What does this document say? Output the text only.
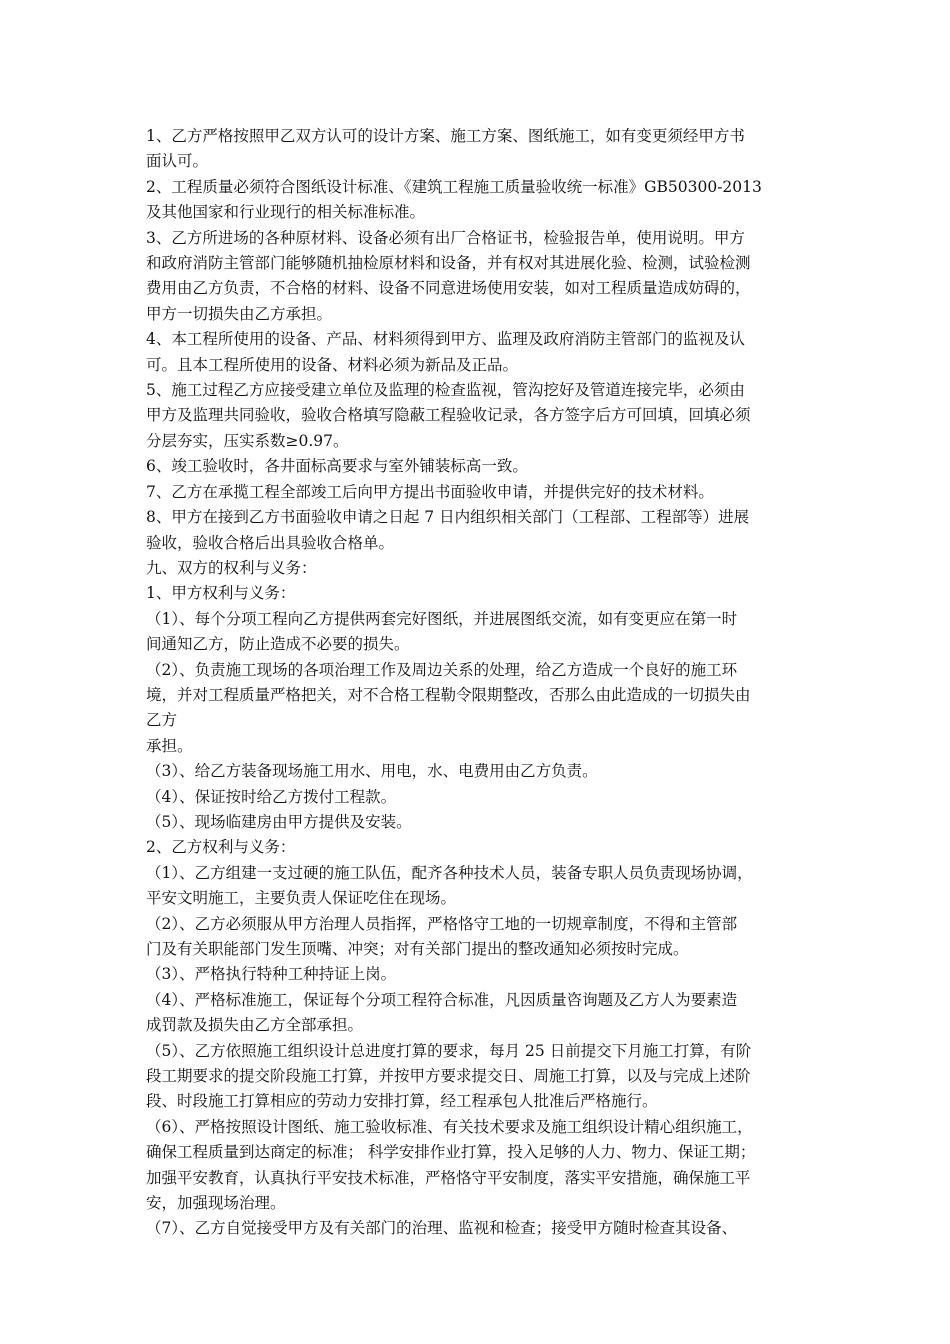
1、乙方严格按照甲乙双方认可的设计方案、施工方案、图纸施工，如有变更须经甲方书

面认可。

2、工程质量必须符合图纸设计标准、《建筑工程施工质量验收统一标准》GB50300-2013

及其他国家和行业现行的相关标准标准。

3、乙方所进场的各种原材料、设备必须有出厂合格证书，检验报告单，使用说明。甲方

和政府消防主管部门能够随机抽检原材料和设备，并有权对其进展化验、检测，试验检测

费用由乙方负责，不合格的材料、设备不同意进场使用安装，如对工程质量造成妨碍的，

甲方一切损失由乙方承担。

4、本工程所使用的设备、产品、材料须得到甲方、监理及政府消防主管部门的监视及认

可。且本工程所使用的设备、材料必须为新品及正品。

5、施工过程乙方应接受建立单位及监理的检查监视，管沟挖好及管道连接完毕，必须由

甲方及监理共同验收，验收合格填写隐蔽工程验收记录，各方签字后方可回填，回填必须

分层夯实，压实系数≥0.97。

6、竣工验收时，各井面标高要求与室外铺装标高一致。

7、乙方在承揽工程全部竣工后向甲方提出书面验收申请，并提供完好的技术材料。

8、甲方在接到乙方书面验收申请之日起 7 日内组织相关部门（工程部、工程部等）进展

验收，验收合格后出具验收合格单。

九、双方的权利与义务：

1、甲方权利与义务：

（1）、每个分项工程向乙方提供两套完好图纸，并进展图纸交流，如有变更应在第一时

间通知乙方，防止造成不必要的损失。

（2）、负责施工现场的各项治理工作及周边关系的处理，给乙方造成一个良好的施工环

境，并对工程质量严格把关，对不合格工程勒令限期整改，否那么由此造成的一切损失由

乙方

承担。

（3）、给乙方装备现场施工用水、用电，水、电费用由乙方负责。

（4）、保证按时给乙方拨付工程款。

（5）、现场临建房由甲方提供及安装。

2、乙方权利与义务：

（1）、乙方组建一支过硬的施工队伍，配齐各种技术人员，装备专职人员负责现场协调，

平安文明施工，主要负责人保证吃住在现场。

（2）、乙方必须服从甲方治理人员指挥，严格恪守工地的一切规章制度，不得和主管部

门及有关职能部门发生顶嘴、冲突；对有关部门提出的整改通知必须按时完成。

（3）、严格执行特种工种持证上岗。

（4）、严格标准施工，保证每个分项工程符合标准，凡因质量咨询题及乙方人为要素造

成罚款及损失由乙方全部承担。

（5）、乙方依照施工组织设计总进度打算的要求，每月 25 日前提交下月施工打算，有阶

段工期要求的提交阶段施工打算，并按甲方要求提交日、周施工打算，以及与完成上述阶

段、时段施工打算相应的劳动力安排打算，经工程承包人批准后严格施行。

（6）、严格按照设计图纸、施工验收标准、有关技术要求及施工组织设计精心组织施工，

确保工程质量到达商定的标准； 科学安排作业打算，投入足够的人力、物力、保证工期；

加强平安教育，认真执行平安技术标准，严格恪守平安制度，落实平安措施，确保施工平

安，加强现场治理。

（7）、乙方自觉接受甲方及有关部门的治理、监视和检查；接受甲方随时检查其设备、
